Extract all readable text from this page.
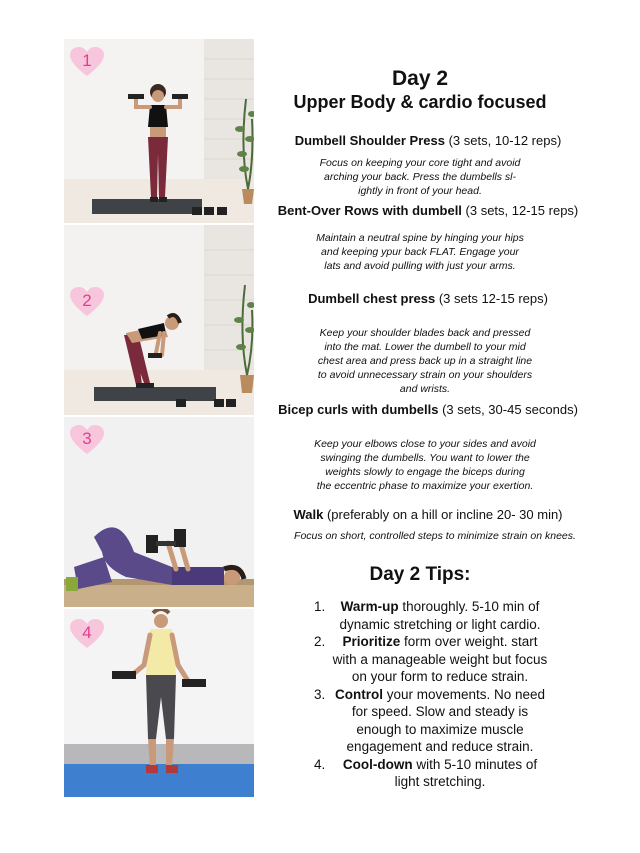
1
2
3
4
Day 2
Upper Body & cardio focused
Dumbell Shoulder Press (3 sets, 10-12 reps)
Focus on keeping your core tight and avoid
arching your back. Press the dumbells sl-
ightly in front of your head.
Bent-Over Rows with dumbell (3 sets, 12-15 reps)
Maintain a neutral spine by hinging your hips
and keeping ypur back FLAT. Engage your
lats and avoid pulling with just your arms.
Dumbell chest press (3 sets 12-15 reps)
Keep your shoulder blades back and pressed
into the mat. Lower the dumbell to your mid
chest area and press back up in a straight line
to avoid unnecessary strain on your shoulders
and wrists.
Bicep curls with dumbells (3 sets, 30-45 seconds)
Keep your elbows close to your sides and avoid
swinging the dumbells. You want to lower the
weights slowly to engage the biceps during
the eccentric phase to maximize your exertion.
Walk (preferably on a hill or incline 20- 30 min)
Focus on short, controlled steps to minimize strain on knees.
Day 2 Tips:
1.	Warm-up thoroughly. 5-10 min of
dynamic stretching or light cardio.
2.	Prioritize form over weight. start
with a manageable weight but focus
on your form to reduce strain.
3. Control your movements. No need
for speed. Slow and steady is
enough to maximize muscle
engagement and reduce strain.
4.	Cool-down with 5-10 minutes of
light stretching.
